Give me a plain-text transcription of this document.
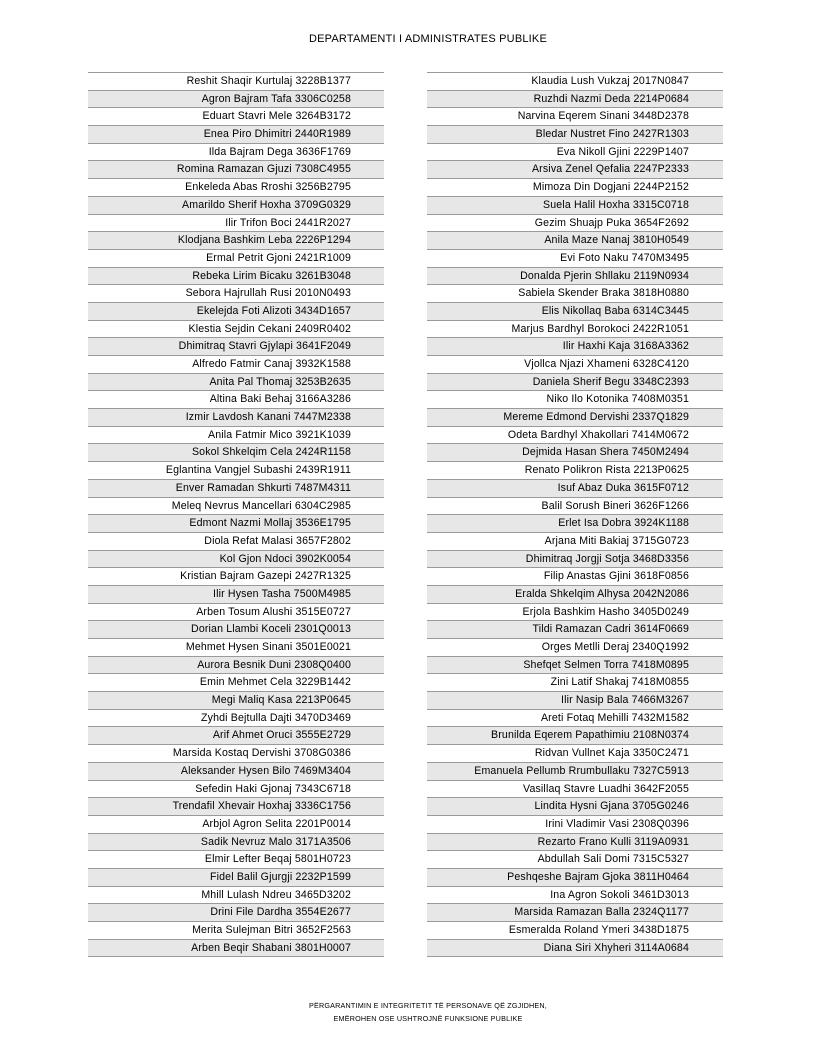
DEPARTAMENTI I ADMINISTRATES PUBLIKE
Reshit Shaqir Kurtulaj 3228B1377
Agron Bajram Tafa 3306C0258
Eduart Stavri Mele 3264B3172
Enea Piro Dhimitri 2440R1989
Ilda Bajram Dega 3636F1769
Romina Ramazan Gjuzi 7308C4955
Enkeleda Abas Rroshi 3256B2795
Amarildo Sherif Hoxha 3709G0329
Ilir Trifon Boci 2441R2027
Klodjana Bashkim Leba 2226P1294
Ermal Petrit Gjoni 2421R1009
Rebeka Lirim Bicaku 3261B3048
Sebora Hajrullah Rusi 2010N0493
Ekelejda Foti Alizoti 3434D1657
Klestia Sejdin Cekani 2409R0402
Dhimitraq Stavri Gjylapi 3641F2049
Alfredo Fatmir Canaj 3932K1588
Anita Pal Thomaj 3253B2635
Altina Baki Behaj 3166A3286
Izmir Lavdosh Kanani 7447M2338
Anila Fatmir Mico 3921K1039
Sokol Shkelqim Cela 2424R1158
Eglantina Vangjel Subashi 2439R1911
Enver Ramadan Shkurti 7487M4311
Meleq Nevrus Mancellari 6304C2985
Edmont Nazmi Mollaj 3536E1795
Diola Refat Malasi 3657F2802
Kol Gjon Ndoci 3902K0054
Kristian Bajram Gazepi 2427R1325
Ilir Hysen Tasha 7500M4985
Arben Tosum Alushi 3515E0727
Dorian Llambi Koceli 2301Q0013
Mehmet Hysen Sinani 3501E0021
Aurora Besnik Duni 2308Q0400
Emin Mehmet Cela 3229B1442
Megi Maliq Kasa 2213P0645
Zyhdi Bejtulla Dajti 3470D3469
Arif Ahmet Oruci 3555E2729
Marsida Kostaq Dervishi 3708G0386
Aleksander Hysen Bilo 7469M3404
Sefedin Haki Gjonaj 7343C6718
Trendafil Xhevair Hoxhaj 3336C1756
Arbjol Agron Selita 2201P0014
Sadik Nevruz Malo 3171A3506
Elmir Lefter Beqaj 5801H0723
Fidel Balil Gjurgji 2232P1599
Mhill Lulash Ndreu 3465D3202
Drini File Dardha 3554E2677
Merita Sulejman Bitri 3652F2563
Arben Beqir Shabani 3801H0007
Klaudia Lush Vukzaj 2017N0847
Ruzhdi Nazmi Deda 2214P0684
Narvina Eqerem Sinani 3448D2378
Bledar Nustret Fino 2427R1303
Eva Nikoll Gjini 2229P1407
Arsiva Zenel Qefalia 2247P2333
Mimoza Din Dogjani 2244P2152
Suela Halil Hoxha 3315C0718
Gezim Shuajp Puka 3654F2692
Anila Maze Nanaj 3810H0549
Evi Foto Naku 7470M3495
Donalda Pjerin Shllaku 2119N0934
Sabiela Skender Braka 3818H0880
Elis Nikollaq Baba 6314C3445
Marjus Bardhyl Borokoci 2422R1051
Ilir Haxhi Kaja 3168A3362
Vjollca Njazi Xhameni 6328C4120
Daniela Sherif Begu 3348C2393
Niko Ilo Kotonika 7408M0351
Mereme Edmond Dervishi 2337Q1829
Odeta Bardhyl Xhakollari 7414M0672
Dejmida Hasan Shera 7450M2494
Renato Polikron Rista 2213P0625
Isuf Abaz Duka 3615F0712
Balil Sorush Bineri 3626F1266
Erlet Isa Dobra 3924K1188
Arjana Miti Bakiaj 3715G0723
Dhimitraq Jorgji Sotja 3468D3356
Filip Anastas Gjini 3618F0856
Eralda Shkelqim Alhysa 2042N2086
Erjola Bashkim Hasho 3405D0249
Tildi Ramazan Cadri 3614F0669
Orges Metlli Deraj 2340Q1992
Shefqet Selmen Torra 7418M0895
Zini Latif Shakaj 7418M0855
Ilir Nasip Bala 7466M3267
Areti Fotaq Mehilli 7432M1582
Brunilda Eqerem Papathimiu 2108N0374
Ridvan Vullnet Kaja 3350C2471
Emanuela Pellumb Rrumbullaku 7327C5913
Vasillaq Stavre Luadhi 3642F2055
Lindita Hysni Gjana 3705G0246
Irini Vladimir Vasi 2308Q0396
Rezarto Frano Kulli 3119A0931
Abdullah Sali Domi 7315C5327
Peshqeshe Bajram Gjoka 3811H0464
Ina Agron Sokoli 3461D3013
Marsida Ramazan Balla 2324Q1177
Esmeralda Roland Ymeri 3438D1875
Diana Siri Xhyheri 3114A0684
PËRGARANTIMIN E INTEGRITETIT TË PERSONAVE QË ZGJIDHEN,
EMËROHEN OSE USHTROJNË FUNKSIONE PUBLIKE
